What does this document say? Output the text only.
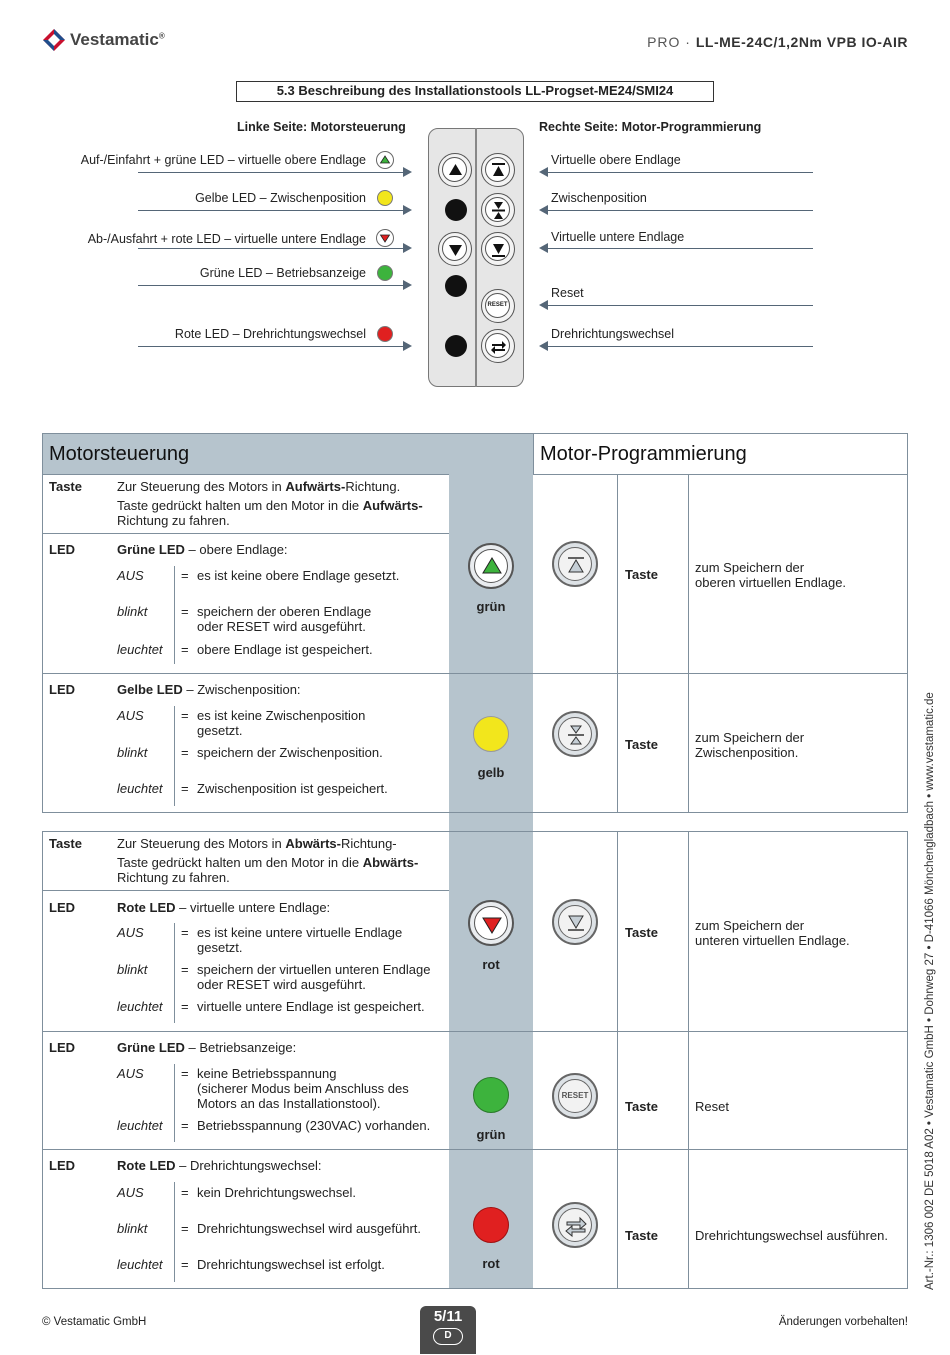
Vestamatic®	PRO · LL-ME-24C/1,2Nm VPB IO-AIR
5.3 Beschreibung des Installationstools LL-Progset-ME24/SMI24
Linke Seite: Motorsteuerung	Rechte Seite: Motor-Programmierung
Auf-/Einfahrt + grüne LED – virtuelle obere Endlage
Gelbe LED – Zwischenposition
Ab-/Ausfahrt + rote LED – virtuelle untere Endlage
Grüne LED – Betriebsanzeige
Rote LED – Drehrichtungswechsel
RESET
Virtuelle obere Endlage
Zwischenposition
Virtuelle untere Endlage
Reset
Drehrichtungswechsel
Motorsteuerung	Motor-Programmierung
Taste	Zur Steuerung des Motors in Aufwärts-Richtung.

Taste gedrückt halten um den Motor in die Aufwärts-
Richtung zu fahren.
LED	Grüne LED – obere Endlage:
AUS	= es ist keine obere Endlage gesetzt.
blinkt	= speichern der oberen Endlage
oder RESET wird ausgeführt.
leuchtet = obere Endlage ist gespeichert.
grün
Taste	zum Speichern der
oberen virtuellen Endlage.
LED	Gelbe LED – Zwischenposition:
AUS	= es ist keine Zwischenposition
gesetzt.
blinkt	= speichern der Zwischenposition.
leuchtet = Zwischenposition ist gespeichert.
gelb
Taste	zum Speichern der
Zwischenposition.
Taste	Zur Steuerung des Motors in Abwärts-Richtung-

Taste gedrückt halten um den Motor in die Abwärts-
Richtung zu fahren.
LED	Rote LED – virtuelle untere Endlage:
AUS	= es ist keine untere virtuelle Endlage
gesetzt.
blinkt	= speichern der virtuellen unteren Endlage
oder RESET wird ausgeführt.
leuchtet = virtuelle untere Endlage ist gespeichert.
rot
Taste	zum Speichern der
unteren virtuellen Endlage.
LED	Grüne LED – Betriebsanzeige:
AUS	= keine Betriebsspannung
(sicherer Modus beim Anschluss des
Motors an das Installationstool).
leuchtet = Betriebsspannung (230VAC) vorhanden.
grün
RESET
Taste	Reset
LED	Rote LED – Drehrichtungswechsel:
AUS	= kein Drehrichtungswechsel.
blinkt	= Drehrichtungswechsel wird ausgeführt.
leuchtet = Drehrichtungswechsel ist erfolgt.	rot
Taste	Drehrichtungswechsel ausführen.	Art.-Nr.: 1306 002 DE 5018 A02 • Vestamatic GmbH • Dohrweg 27 • D-41066 Mönchengladbach • www.vestamatic.de
© Vestamatic GmbH	5/11
D
Änderungen vorbehalten!
